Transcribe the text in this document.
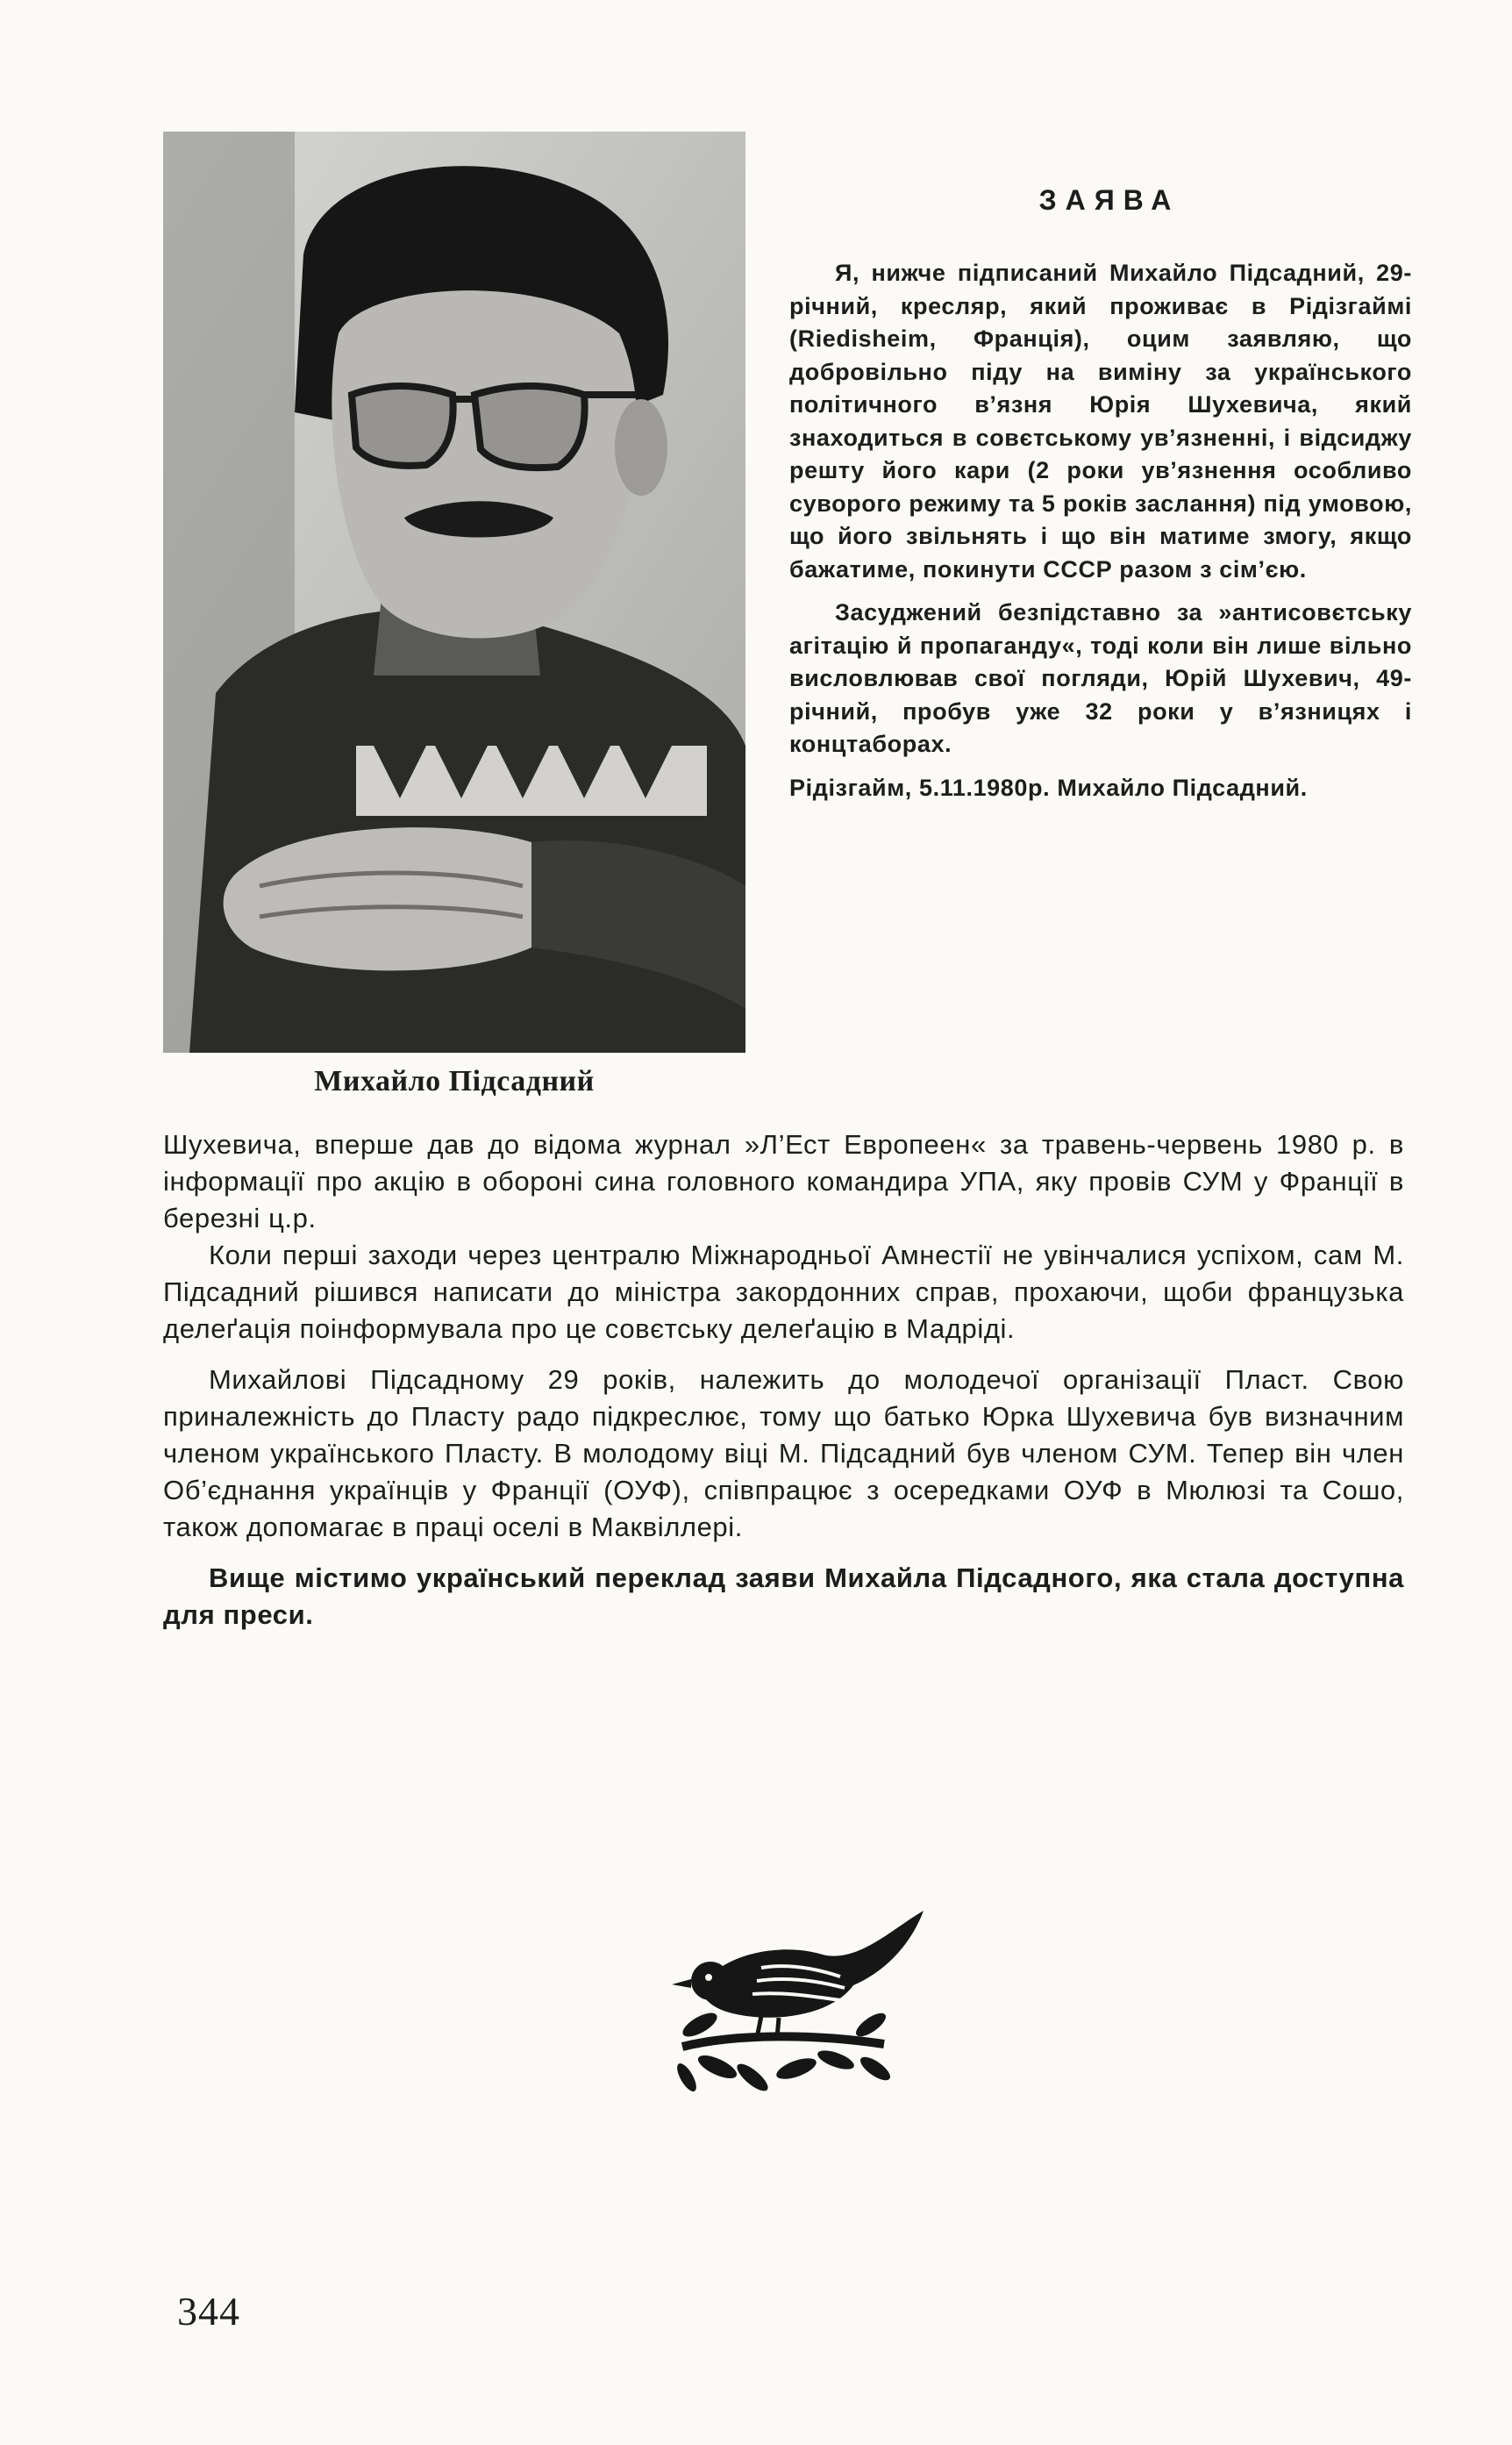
Михайло Підсадний
ЗАЯВА

Я, нижче підписаний Михайло Підсадний, 29-річний, кресляр, який проживає в Рідізгаймі (Riedisheim, Франція), оцим заявляю, що добровільно піду на виміну за українського політичного в’язня Юрія Шухевича, який знаходиться в совєтському ув’язненні, і відсиджу решту його кари (2 роки ув’язнення особливо суворого режиму та 5 років заслання) під умовою, що його звільнять і що він матиме змогу, якщо бажатиме, покинути СССР разом з сім’єю.

Засуджений безпідставно за »антисовєтську агітацію й пропаганду«, тоді коли він лише вільно висловлював свої погляди, Юрій Шухевич, 49-річний, пробув уже 32 роки у в’язницях і концтаборах.

Рідізгайм, 5.11.1980р. Михайло Підсадний.

Шухевича, вперше дав до відома журнал »Л’Ест Европеен« за травень-червень 1980 р. в інформації про акцію в обороні сина головного командира УПА, яку провів СУМ у Франції в березні ц.р.

Коли перші заходи через централю Міжнародньої Амнестії не увінчалися успіхом, сам М. Підсадний рішився написати до міністра закордонних справ, прохаючи, щоби французька делеґація поінформувала про це совєтську делеґацію в Мадріді.

Михайлові Підсадному 29 років, належить до молодечої організації Пласт. Свою приналежність до Пласту радо підкреслює, тому що батько Юрка Шухевича був визначним членом українського Пласту. В молодому віці М. Підсадний був членом СУМ. Тепер він член Об’єднання українців у Франції (ОУФ), співпрацює з осередками ОУФ в Мюлюзі та Сошо, також допомагає в праці оселі в Маквіллері.

Вище містимо український переклад заяви Михайла Підсадного, яка стала доступна для преси.

344
